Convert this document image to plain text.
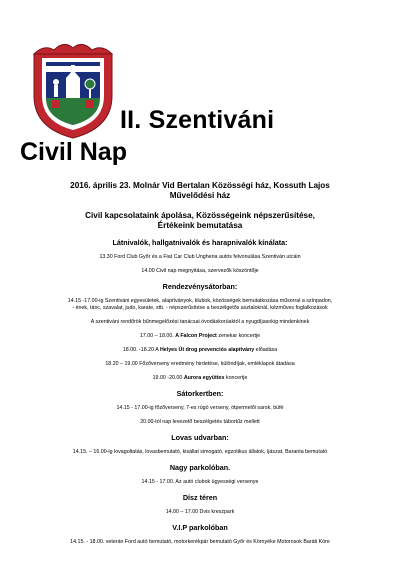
II. Szentiváni
Civil Nap
2016. április 23. Molnár Vid Bertalan Közösségi ház, Kossuth Lajos
Művelődési ház
Civil kapcsolataink ápolása, Közösségeink népszerűsítése,
Értékeink bemutatása
Látnivalók, hallgatnivalók és harapnivalók kínálata:
13.30 Ford Club Győr és a Fiat Car Club Ungheria autós felvonulása Szentiván utcáin
14.00 Civil nap megnyitása, szervezők köszöntője
Rendezvénysátorban:
14.15 -17.00-ig Szentiváni egyesületek, alapítványok, klubok, közösségek bemutatkozása műsorral a színpadon,
- ének, tánc, szavalat, judo, karate, stb. - népszerűsítése a beszélgetős asztaloknál, kézműves foglalkozások
A szentiváni rendőrök bűnmegelőzési tanácsai óvodáskorúaktól a nyugdíjasokig mindenkinek
17.00 – 18.00. A Falcon Project zenekar koncertje
18.00. -18.20 A Helyes Út drog prevenciós alapítvány előadása
18.20 – 19.00 Főzőverseny eredmény hirdetése, különdíjak, emléklapok átadása
19.00 -20.00 Aurora együttes koncertje
Sátorkertben:
14.15 - 17.00-ig főzőverseny, 7-es rúgó verseny, ötpermelői sarok, büfé
20.00-tól nap levezető beszélgetés tábortűz mellett
Lovas udvarban:
14.15. – 16.00-ig lovagoltatás, lovasbemutató, kisállat simogató, egzotikus állatok, íjászat, Baranta bemutató
Nagy parkolóban.
14.15 - 17.00. Az autó clubok ügyességi versenye
Dísz téren
14.00 – 17.00 Dvis kreszpark
V.I.P parkolóban
14.15. - 18.00. veterán Ford autó bemutató, motorkerékpár bemutató Győr és Környéke Motorosok Baráti Köre
